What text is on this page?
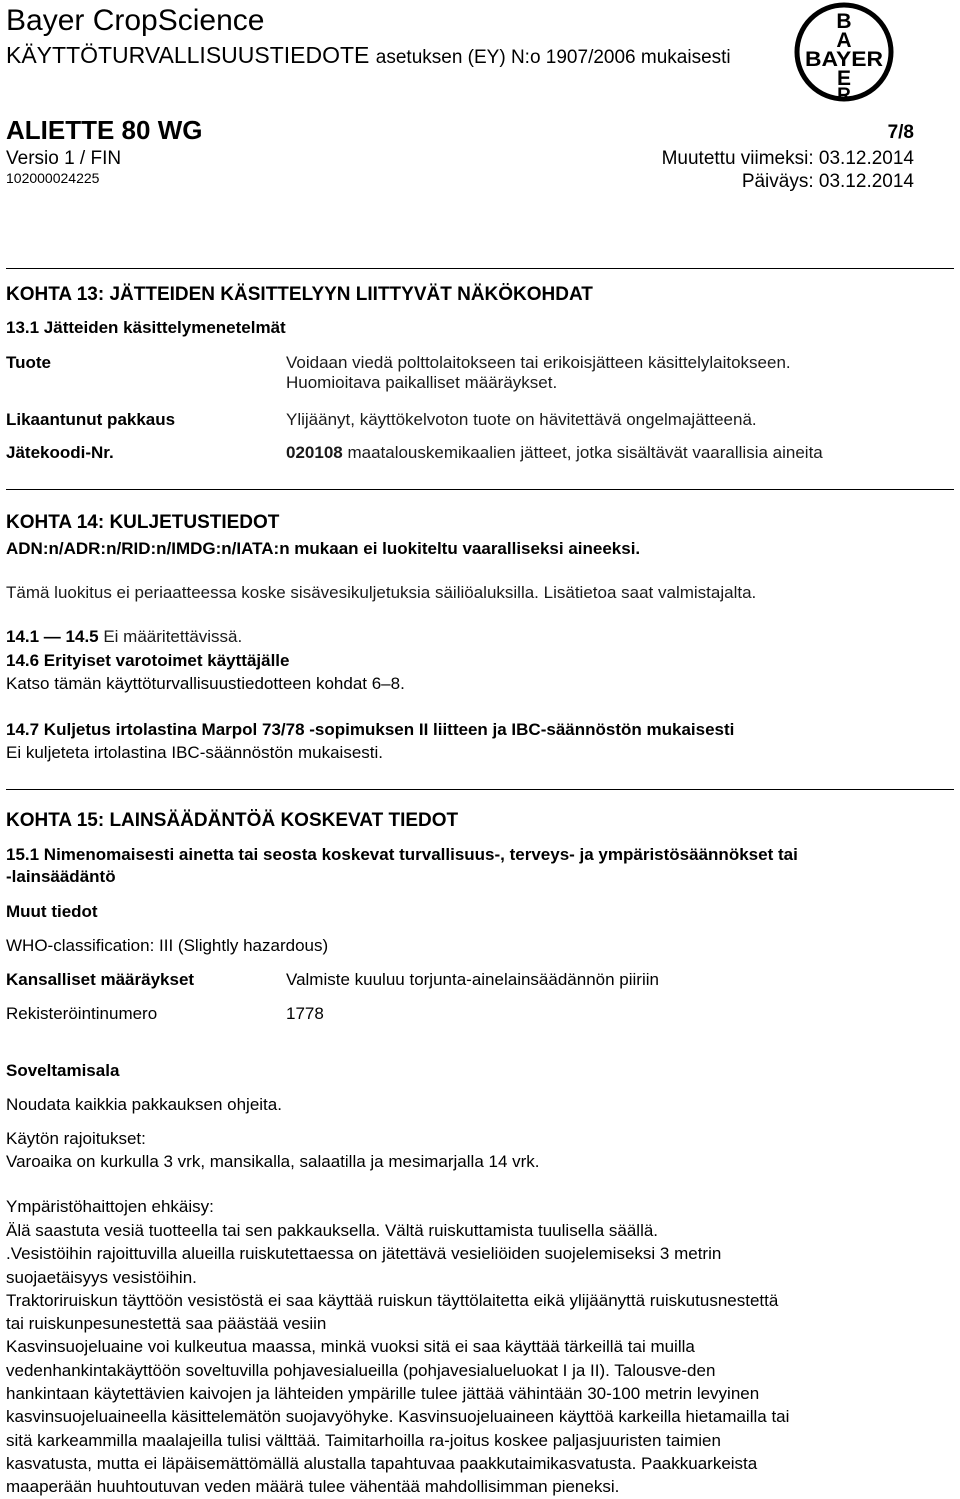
Bayer CropScience
KÄYTTÖTURVALLISUUSTIEDOTE asetuksen (EY) N:o 1907/2006 mukaisesti
B
A
BAYER
E
R
ALIETTE 80 WG	7/8
Versio 1 / FIN	Muutettu viimeksi: 03.12.2014
102000024225	Päiväys: 03.12.2014
KOHTA 13: JÄTTEIDEN KÄSITTELYYN LIITTYVÄT NÄKÖKOHDAT
13.1 Jätteiden käsittelymenetelmät
Tuote	Voidaan viedä polttolaitokseen tai erikoisjätteen käsittelylaitokseen.
Huomioitava paikalliset määräykset.
Likaantunut pakkaus	Ylijäänyt, käyttökelvoton tuote on hävitettävä ongelmajätteenä.
Jätekoodi-Nr.	020108 maatalouskemikaalien jätteet, jotka sisältävät vaarallisia aineita
KOHTA 14: KULJETUSTIEDOT
ADN:n/ADR:n/RID:n/IMDG:n/IATA:n mukaan ei luokiteltu vaaralliseksi aineeksi.
Tämä luokitus ei periaatteessa koske sisävesikuljetuksia säiliöaluksilla. Lisätietoa saat valmistajalta.
14.1 — 14.5 Ei määritettävissä.
14.6 Erityiset varotoimet käyttäjälle
Katso tämän käyttöturvallisuustiedotteen kohdat 6–8.
14.7 Kuljetus irtolastina Marpol 73/78 -sopimuksen II liitteen ja IBC-säännöstön mukaisesti
Ei kuljeteta irtolastina IBC-säännöstön mukaisesti.
KOHTA 15: LAINSÄÄDÄNTÖÄ KOSKEVAT TIEDOT
15.1 Nimenomaisesti ainetta tai seosta koskevat turvallisuus-, terveys- ja ympäristösäännökset tai
-lainsäädäntö
Muut tiedot
WHO-classification: III (Slightly hazardous)
Kansalliset määräykset	Valmiste kuuluu torjunta-ainelainsäädännön piiriin
Rekisteröintinumero	1778
Soveltamisala
Noudata kaikkia pakkauksen ohjeita.
Käytön rajoitukset:
Varoaika on kurkulla 3 vrk, mansikalla, salaatilla ja mesimarjalla 14 vrk.
Ympäristöhaittojen ehkäisy:
Älä saastuta vesiä tuotteella tai sen pakkauksella. Vältä ruiskuttamista tuulisella säällä.
.Vesistöihin rajoittuvilla alueilla ruiskutettaessa on jätettävä vesieliöiden suojelemiseksi 3 metrin
suojaetäisyys vesistöihin.
Traktoriruiskun täyttöön vesistöstä ei saa käyttää ruiskun täyttölaitetta eikä ylijäänyttä ruiskutusnestettä
tai ruiskunpesunestettä saa päästää vesiin
Kasvinsuojeluaine voi kulkeutua maassa, minkä vuoksi sitä ei saa käyttää tärkeillä tai muilla
vedenhankintakäyttöön soveltuvilla pohjavesialueilla (pohjavesialueluokat I ja II). Talousve-den
hankintaan käytettävien kaivojen ja lähteiden ympärille tulee jättää vähintään 30-100 metrin levyinen
kasvinsuojeluaineella käsittelemätön suojavyöhyke. Kasvinsuojeluaineen käyttöä karkeilla hietamailla tai
sitä karkeammilla maalajeilla tulisi välttää. Taimitarhoilla ra-joitus koskee paljasjuuristen taimien
kasvatusta, mutta ei läpäisemättömällä alustalla tapahtuvaa paakkutaimikasvatusta. Paakkuarkeista
maaperään huuhtoutuvan veden määrä tulee vähentää mahdollisimman pieneksi.
